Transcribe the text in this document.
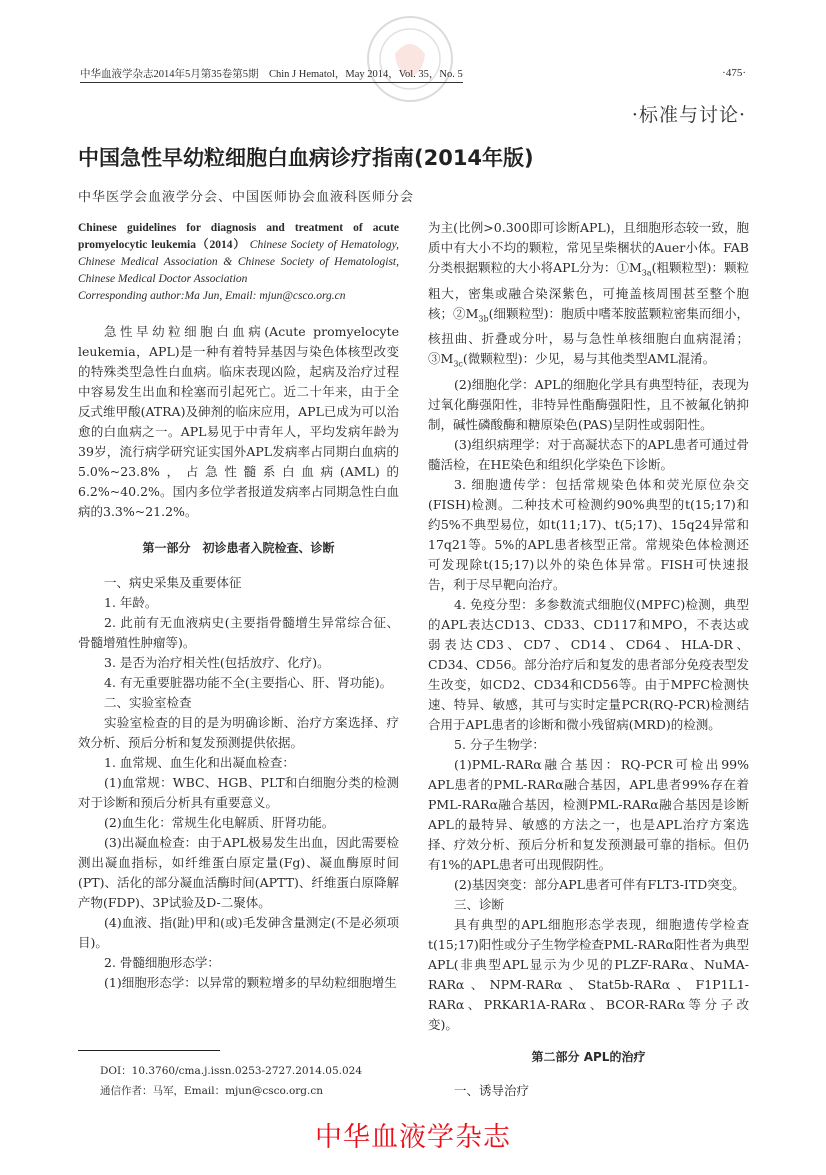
中华血液学杂志2014年5月第35卷第5期　Chin J Hematol，May 2014，Vol. 35，No. 5	·475·
·标准与讨论·
中国急性早幼粒细胞白血病诊疗指南(2014年版)
中华医学会血液学分会、中国医师协会血液科医师分会
Chinese guidelines for diagnosis and treatment of acute promyelocytic leukemia（2014） Chinese Society of Hematology, Chinese Medical Association & Chinese Society of Hematologist, Chinese Medical Doctor Association
Corresponding author:Ma Jun, Email: mjun@csco.org.cn

急性早幼粒细胞白血病(Acute promyelocyte leukemia，APL)是一种有着特异基因与染色体核型改变的特殊类型急性白血病。临床表现凶险，起病及治疗过程中容易发生出血和栓塞而引起死亡。近二十年来，由于全反式维甲酸(ATRA)及砷剂的临床应用，APL已成为可以治愈的白血病之一。APL易见于中青年人，平均发病年龄为39岁，流行病学研究证实国外APL发病率占同期白血病的5.0%~23.8%，占急性髓系白血病(AML)的6.2%~40.2%。国内多位学者报道发病率占同期急性白血病的3.3%~21.2%。

第一部分　初诊患者入院检查、诊断

一、病史采集及重要体征

1. 年龄。

2. 此前有无血液病史(主要指骨髓增生异常综合征、骨髓增殖性肿瘤等)。

3. 是否为治疗相关性(包括放疗、化疗)。

4. 有无重要脏器功能不全(主要指心、肝、肾功能)。

二、实验室检查

实验室检查的目的是为明确诊断、治疗方案选择、疗效分析、预后分析和复发预测提供依据。

1. 血常规、血生化和出凝血检查：

(1)血常规：WBC、HGB、PLT和白细胞分类的检测对于诊断和预后分析具有重要意义。

(2)血生化：常规生化电解质、肝肾功能。

(3)出凝血检查：由于APL极易发生出血，因此需要检测出凝血指标，如纤维蛋白原定量(Fg)、凝血酶原时间(PT)、活化的部分凝血活酶时间(APTT)、纤维蛋白原降解产物(FDP)、3P试验及D-二聚体。

(4)血液、指(趾)甲和(或)毛发砷含量测定(不是必须项目)。

2. 骨髓细胞形态学：

(1)细胞形态学：以异常的颗粒增多的早幼粒细胞增生

DOI：10.3760/cma.j.issn.0253-2727.2014.05.024
通信作者：马军，Email：mjun@csco.org.cn

为主(比例>0.300即可诊断APL)，且细胞形态较一致，胞质中有大小不均的颗粒，常见呈柴梱状的Auer小体。FAB分类根据颗粒的大小将APL分为：$①M_{3a}$(粗颗粒型)：颗粒粗大，密集或融合染深紫色，可掩盖核周围甚至整个胞核；$②M_{3b}$(细颗粒型)：胞质中嗜苯胺蓝颗粒密集而细小，核扭曲、折叠或分叶，易与急性单核细胞白血病混淆；$③M_{3c}$(微颗粒型)：少见，易与其他类型AML混淆。

(2)细胞化学：APL的细胞化学具有典型特征，表现为过氧化酶强阳性，非特异性酯酶强阳性，且不被氟化钠抑制，碱性磷酸酶和糖原染色(PAS)呈阴性或弱阳性。

(3)组织病理学：对于高凝状态下的APL患者可通过骨髓活检，在HE染色和组织化学染色下诊断。

3. 细胞遗传学：包括常规染色体和荧光原位杂交(FISH)检测。二种技术可检测约90%典型的t(15;17)和约5%不典型易位，如t(11;17)、t(5;17)、15q24异常和17q21等。5%的APL患者核型正常。常规染色体检测还可发现除t(15;17)以外的染色体异常。FISH可快速报告，利于尽早靶向治疗。

4. 免疫分型：多参数流式细胞仪(MPFC)检测，典型的APL表达CD13、CD33、CD117和MPO，不表达或弱表达CD3、CD7、CD14、CD64、HLA-DR、CD34、CD56。部分治疗后和复发的患者部分免疫表型发生改变，如CD2、CD34和CD56等。由于MPFC检测快速、特异、敏感，其可与实时定量PCR(RQ-PCR)检测结合用于APL患者的诊断和微小残留病(MRD)的检测。

5. 分子生物学：

(1)PML-RARα融合基因：RQ-PCR可检出99% APL患者的PML-RARα融合基因，APL患者99%存在着PML-RARα融合基因，检测PML-RARα融合基因是诊断APL的最特异、敏感的方法之一，也是APL治疗方案选择、疗效分析、预后分析和复发预测最可靠的指标。但仍有1%的APL患者可出现假阴性。

(2)基因突变：部分APL患者可伴有FLT3-ITD突变。

三、诊断

具有典型的APL细胞形态学表现，细胞遗传学检查t(15;17)阳性或分子生物学检查PML-RARα阳性者为典型APL(非典型APL显示为少见的PLZF-RARα、NuMA-RARα、NPM-RARα、Stat5b-RARα、F1P1L1-RARα、PRKAR1A-RARα、BCOR-RARα等分子改变)。

第二部分 APL的治疗

一、诱导治疗

中华血液学杂志
